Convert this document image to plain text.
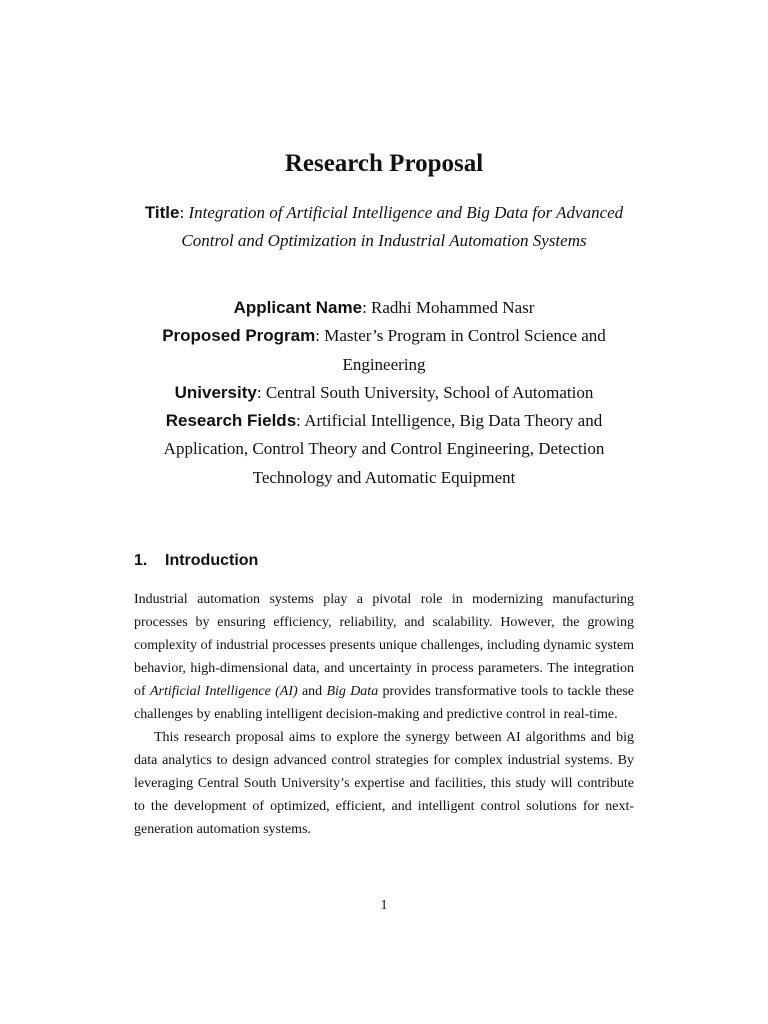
Research Proposal

Title: Integration of Artificial Intelligence and Big Data for Advanced Control and Optimization in Industrial Automation Systems

Applicant Name: Radhi Mohammed Nasr

Proposed Program: Master’s Program in Control Science and Engineering

University: Central South University, School of Automation

Research Fields: Artificial Intelligence, Big Data Theory and Application, Control Theory and Control Engineering, Detection Technology and Automatic Equipment

1. Introduction

Industrial automation systems play a pivotal role in modernizing manufacturing processes by ensuring efficiency, reliability, and scalability. However, the growing complexity of industrial processes presents unique challenges, including dynamic system behavior, high-dimensional data, and uncertainty in process parameters. The integration of Artificial Intelligence (AI) and Big Data provides transformative tools to tackle these challenges by enabling intelligent decision-making and predictive control in real-time.

This research proposal aims to explore the synergy between AI algorithms and big data analytics to design advanced control strategies for complex industrial systems. By leveraging Central South University’s expertise and facilities, this study will contribute to the development of optimized, efficient, and intelligent control solutions for next-generation automation systems.

1
